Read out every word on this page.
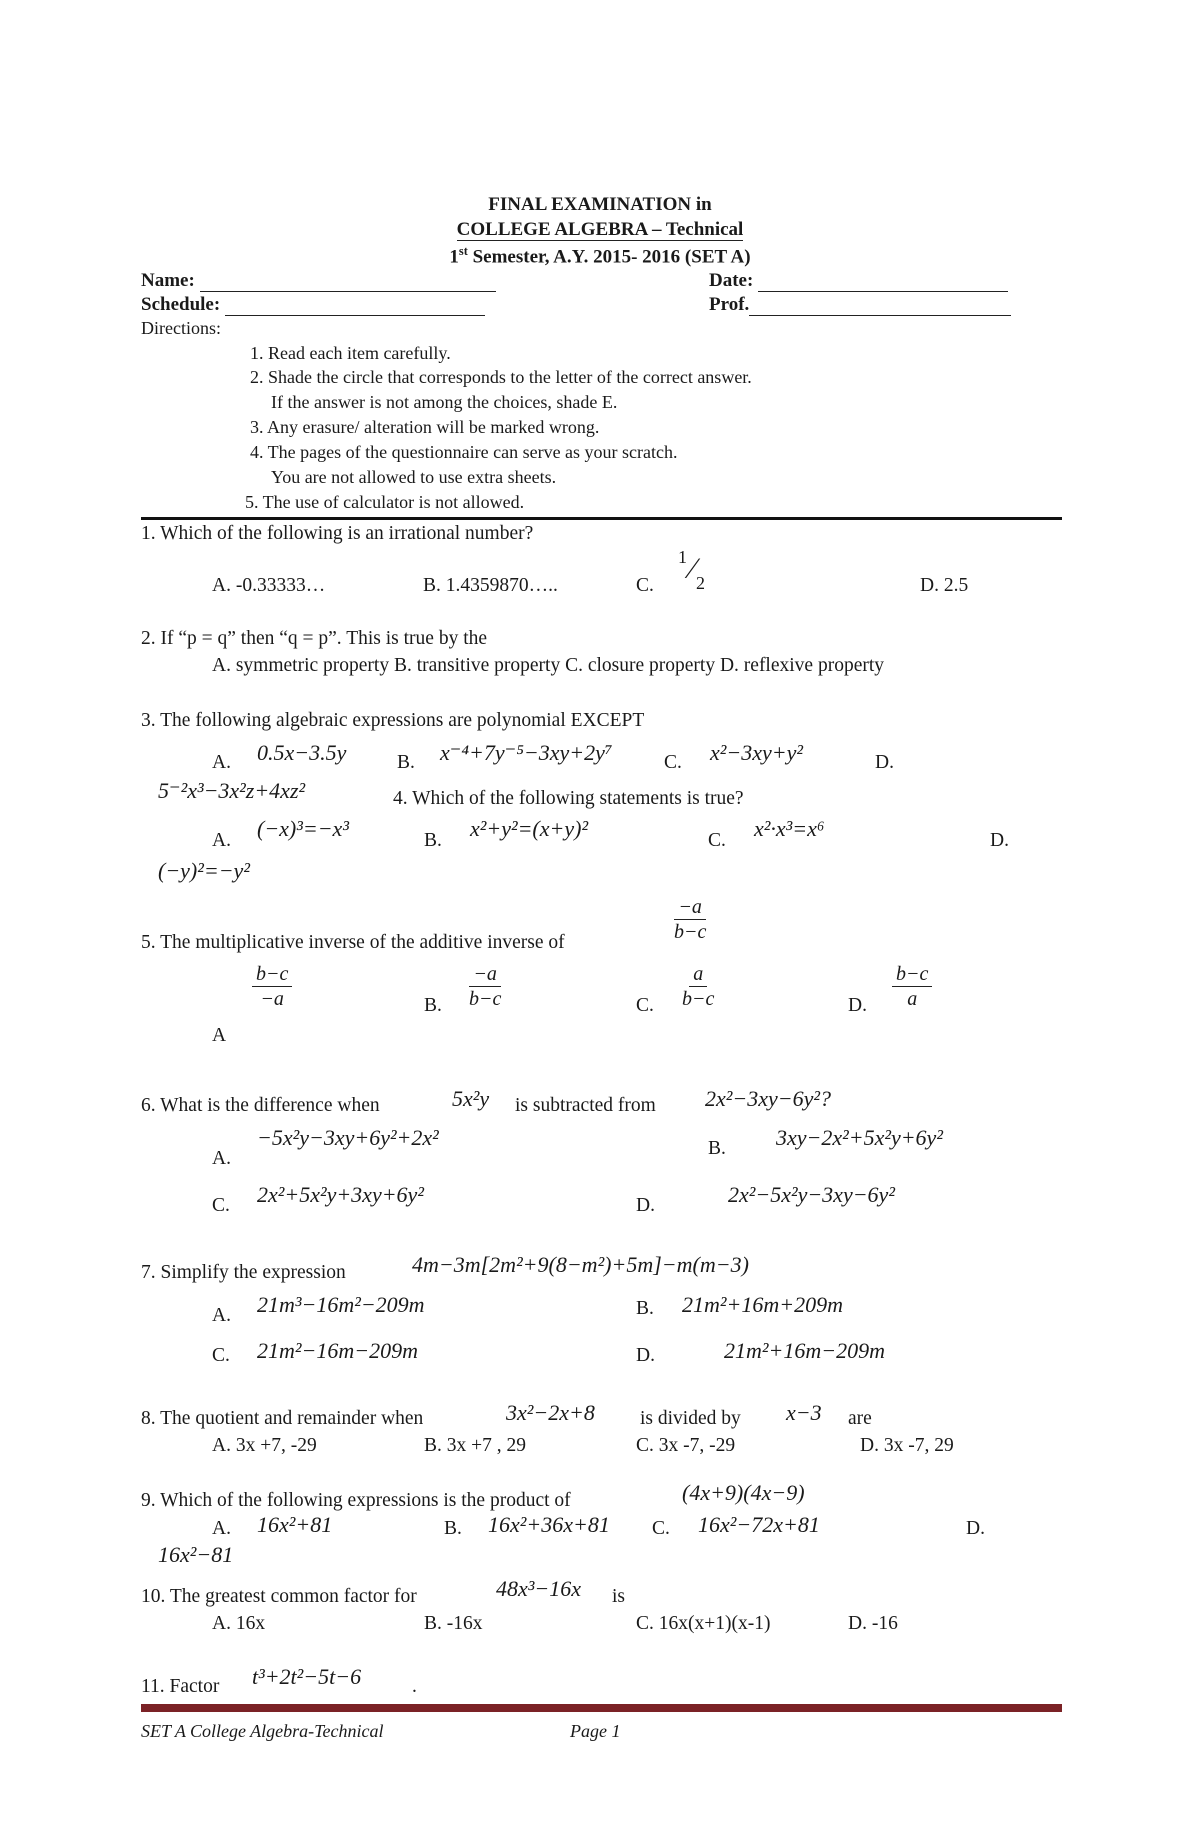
FINAL EXAMINATION in
COLLEGE ALGEBRA – Technical
1st Semester, A.Y. 2015- 2016 (SET A)
Name:	Date:
Schedule:	Prof.
Directions:
1. Read each item carefully.
2. Shade the circle that corresponds to the letter of the correct answer.
If the answer is not among the choices, shade E.
3. Any erasure/ alteration will be marked wrong.
4. The pages of the questionnaire can serve as your scratch.
You are not allowed to use extra sheets.
5. The use of calculator is not allowed.
1. Which of the following is an irrational number?
A. -0.33333…	B. 1.4359870…..	C.
1 ⁄ 2	D. 2.5
2. If “p = q” then “q = p”. This is true by the
A. symmetric property B. transitive property C. closure property D. reflexive property
3. The following algebraic expressions are polynomial EXCEPT
A. 0.5x−3.5y	B. x⁻⁴+7y⁻⁵−3xy+2y⁷	C. x²−3xy+y²	D.
5⁻²x³−3x²z+4xz²	4. Which of the following statements is true?
A. (−x)³=−x³	B. x²+y²=(x+y)²	C. x²·x³=x⁶	D.
(−y)²=−y²
5. The multiplicative inverse of the additive inverse of	$\frac{-a}{b-c}$
A
$\frac{b-c}{-a}$	B. $\frac{-a}{b-c}$	C. $\frac{a}{b-c}$	D. $\frac{b-c}{a}$
6. What is the difference when	5x²y is subtracted from 2x²−3xy−6y²?
A.
−5x²y−3xy+6y²+2x²	B. 3xy−2x²+5x²y+6y²
C. 2x²+5x²y+3xy+6y²	D.	2x²−5x²y−3xy−6y²
7. Simplify the expression	4m−3m[2m²+9(8−m²)+5m]−m(m−3)
A. 21m³−16m²−209m	B. 21m²+16m+209m
C. 21m²−16m−209m	D.	21m²+16m−209m
8. The quotient and remainder when	3x²−2x+8 is divided by x−3 are
A. 3x +7, -29	B. 3x +7 , 29	C. 3x -7, -29	D. 3x -7, 29
9. Which of the following expressions is the product of	(4x+9)(4x−9)
A. 16x²+81	B. 16x²+36x+81 C. 16x²−72x+81	D.
16x²−81
10. The greatest common factor for	48x³−16x is
A. 16x	B. -16x	C. 16x(x+1)(x-1)	D. -16
11. Factor t³+2t²−5t−6	.
SET A College Algebra-Technical	Page 1
